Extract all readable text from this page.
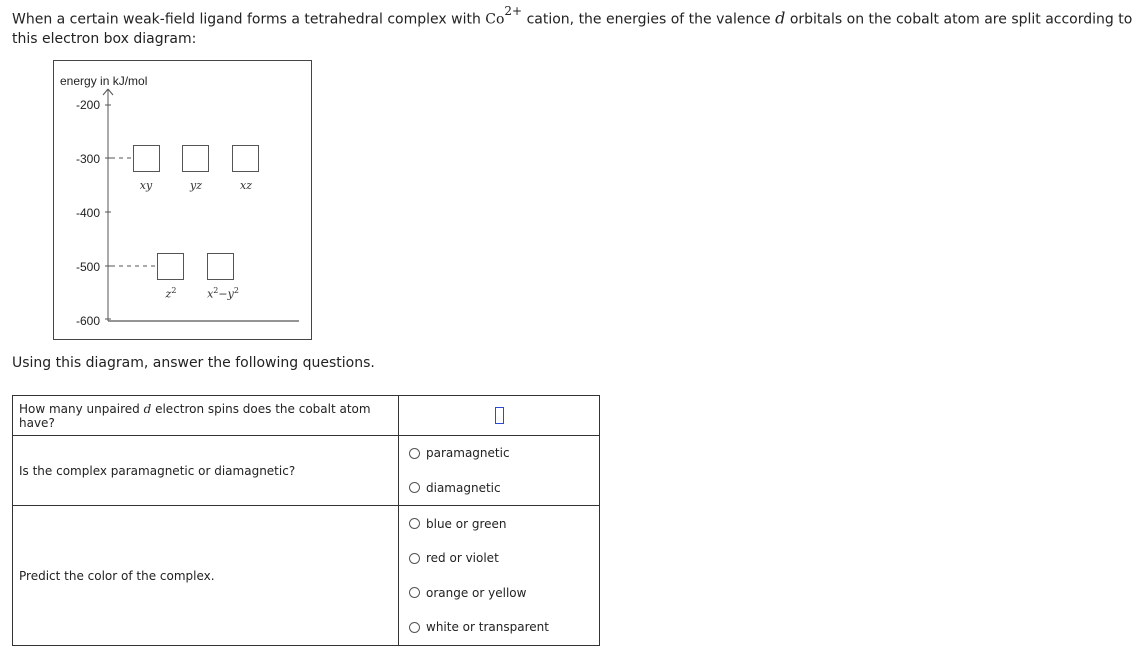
When a certain weak-field ligand forms a tetrahedral complex with $Co^{2+}$ cation, the energies of the valence d orbitals on the cobalt atom are split according to
this electron box diagram:
energy in kJ/mol
-200
-300
-400
-500
-600
xy	yz	xz
$z^2$	$x^2-y^2$
Using this diagram, answer the following questions.
How many unpaired d electron spins does the cobalt atom have?	

Is the complex paramagnetic or diamagnetic?	paramagnetic
diamagnetic

Predict the color of the complex.	blue or green
red or violet
orange or yellow
white or transparent
